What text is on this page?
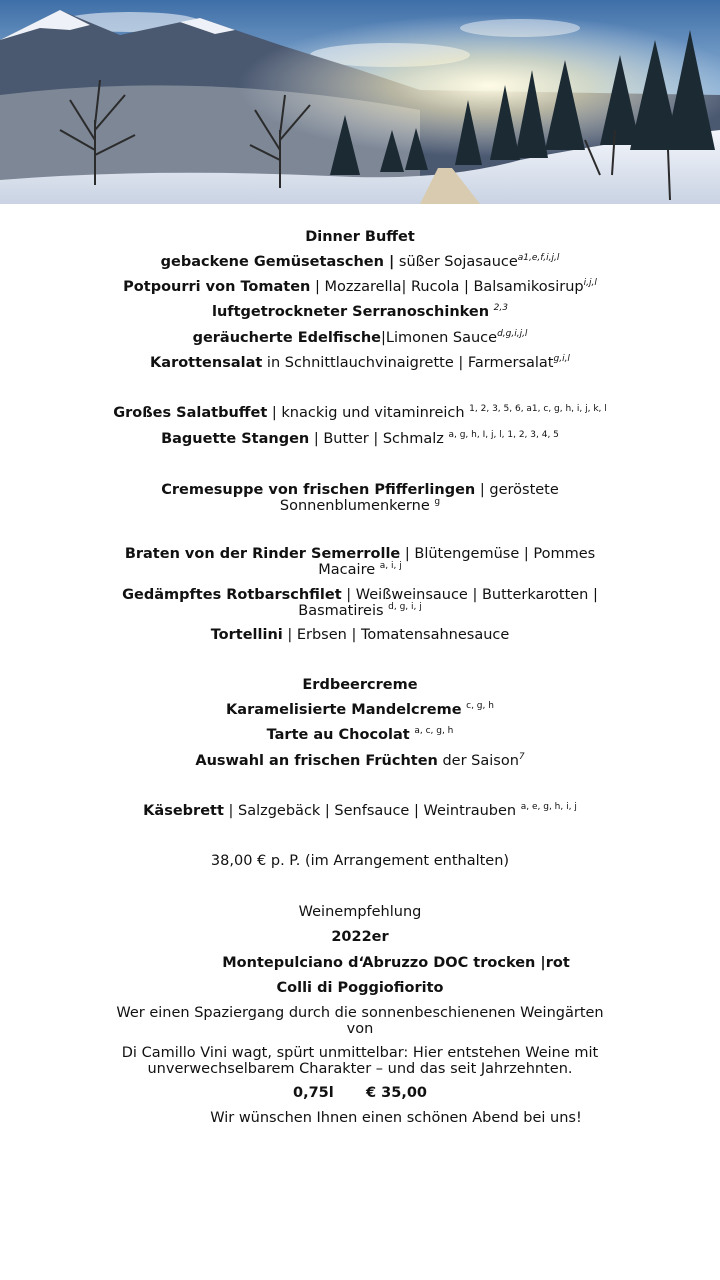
Dinner Buffet
gebackene Gemüsetaschen | süßer Sojasauce$^{a1,e,f,i,j,l}$
Potpourri von Tomaten | Mozzarella| Rucola | Balsamikosirup$^{i,j,l}$
luftgetrockneter Serranoschinken $^{2,3}$
geräucherte Edelfische|Limonen Sauce$^{d,g,i,j,l}$
Karottensalat in Schnittlauchvinaigrette | Farmersalat$^{g,i,l}$
Großes Salatbuffet | knackig und vitaminreich $^{1, 2, 3, 5, 6, a1, c, g, h, i, j, k, l}$
Baguette Stangen | Butter | Schmalz $^{a, g, h, I, j, l, 1, 2, 3, 4, 5}$
Cremesuppe von frischen Pfifferlingen | geröstete Sonnenblumenkerne $^g$
Braten von der Rinder Semerrolle | Blütengemüse | Pommes Macaire $^{a, i, j}$
Gedämpftes Rotbarschfilet | Weißweinsauce | Butterkarotten | Basmatireis $^{d, g, i, j}$
Tortellini | Erbsen | Tomatensahnesauce
Erdbeercreme
Karamelisierte Mandelcreme $^{c, g, h}$
Tarte au Chocolat $^{a, c, g, h}$
Auswahl an frischen Früchten der Saison$^7$
Käsebrett | Salzgebäck | Senfsauce | Weintrauben $^{a, e, g, h, i, j}$
38,00 € p. P. (im Arrangement enthalten)
Weinempfehlung
2022er
Montepulciano d‘Abruzzo DOC trocken |rot
Colli di Poggiofiorito
Wer einen Spaziergang durch die sonnenbeschienenen Weingärten von
Di Camillo Vini wagt, spürt unmittelbar: Hier entstehen Weine mit unverwechselbarem Charakter – und das seit Jahrzehnten.
0,75l € 35,00
Wir wünschen Ihnen einen schönen Abend bei uns!
